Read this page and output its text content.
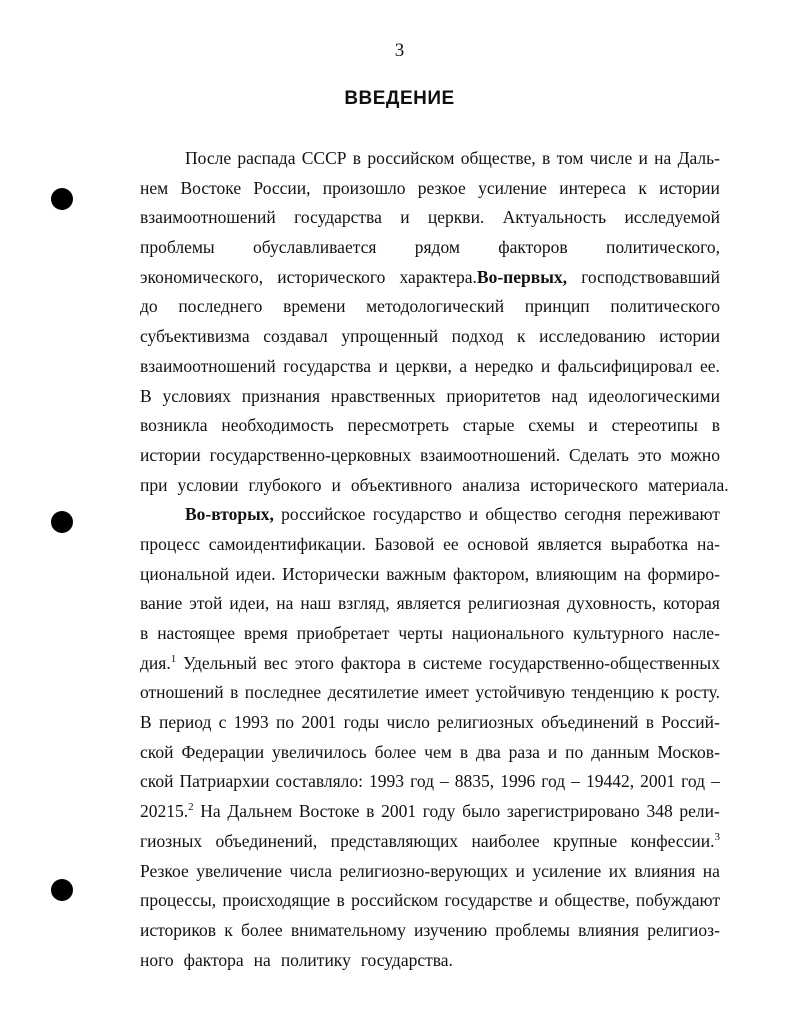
3
ВВЕДЕНИЕ
После распада СССР в российском обществе, в том числе и на Даль-
нем Востоке России, произошло резкое усиление интереса к истории
взаимоотношений государства и церкви. Актуальность исследуемой
проблемы обуславливается рядом факторов политического,
экономического, исторического характера.Во-первых, господствовавший
до последнего времени методологический принцип политического
субъективизма создавал упрощенный подход к исследованию истории
взаимоотношений государства и церкви, а нередко и фальсифицировал ее.
В условиях признания нравственных приоритетов над идеологическими
возникла необходимость пересмотреть старые схемы и стереотипы в
истории государственно-церковных взаимоотношений. Сделать это можно
при условии глубокого и объективного анализа исторического материала.
Во-вторых, российское государство и общество сегодня переживают
процесс самоидентификации. Базовой ее основой является выработка на-
циональной идеи. Исторически важным фактором, влияющим на формиро-
вание этой идеи, на наш взгляд, является религиозная духовность, которая
в настоящее время приобретает черты национального культурного насле-
дия.$^1$ Удельный вес этого фактора в системе государственно-общественных
отношений в последнее десятилетие имеет устойчивую тенденцию к росту.
В период с 1993 по 2001 годы число религиозных объединений в Россий-
ской Федерации увеличилось более чем в два раза и по данным Москов-
ской Патриархии составляло: 1993 год – 8835, 1996 год – 19442, 2001 год –
20215.$^2$ На Дальнем Востоке в 2001 году было зарегистрировано 348 рели-
гиозных объединений, представляющих наиболее крупные конфессии.$^3$
Резкое увеличение числа религиозно-верующих и усиление их влияния на
процессы, происходящие в российском государстве и обществе, побуждают
историков к более внимательному изучению проблемы влияния религиоз-
ного фактора на политику государства.
